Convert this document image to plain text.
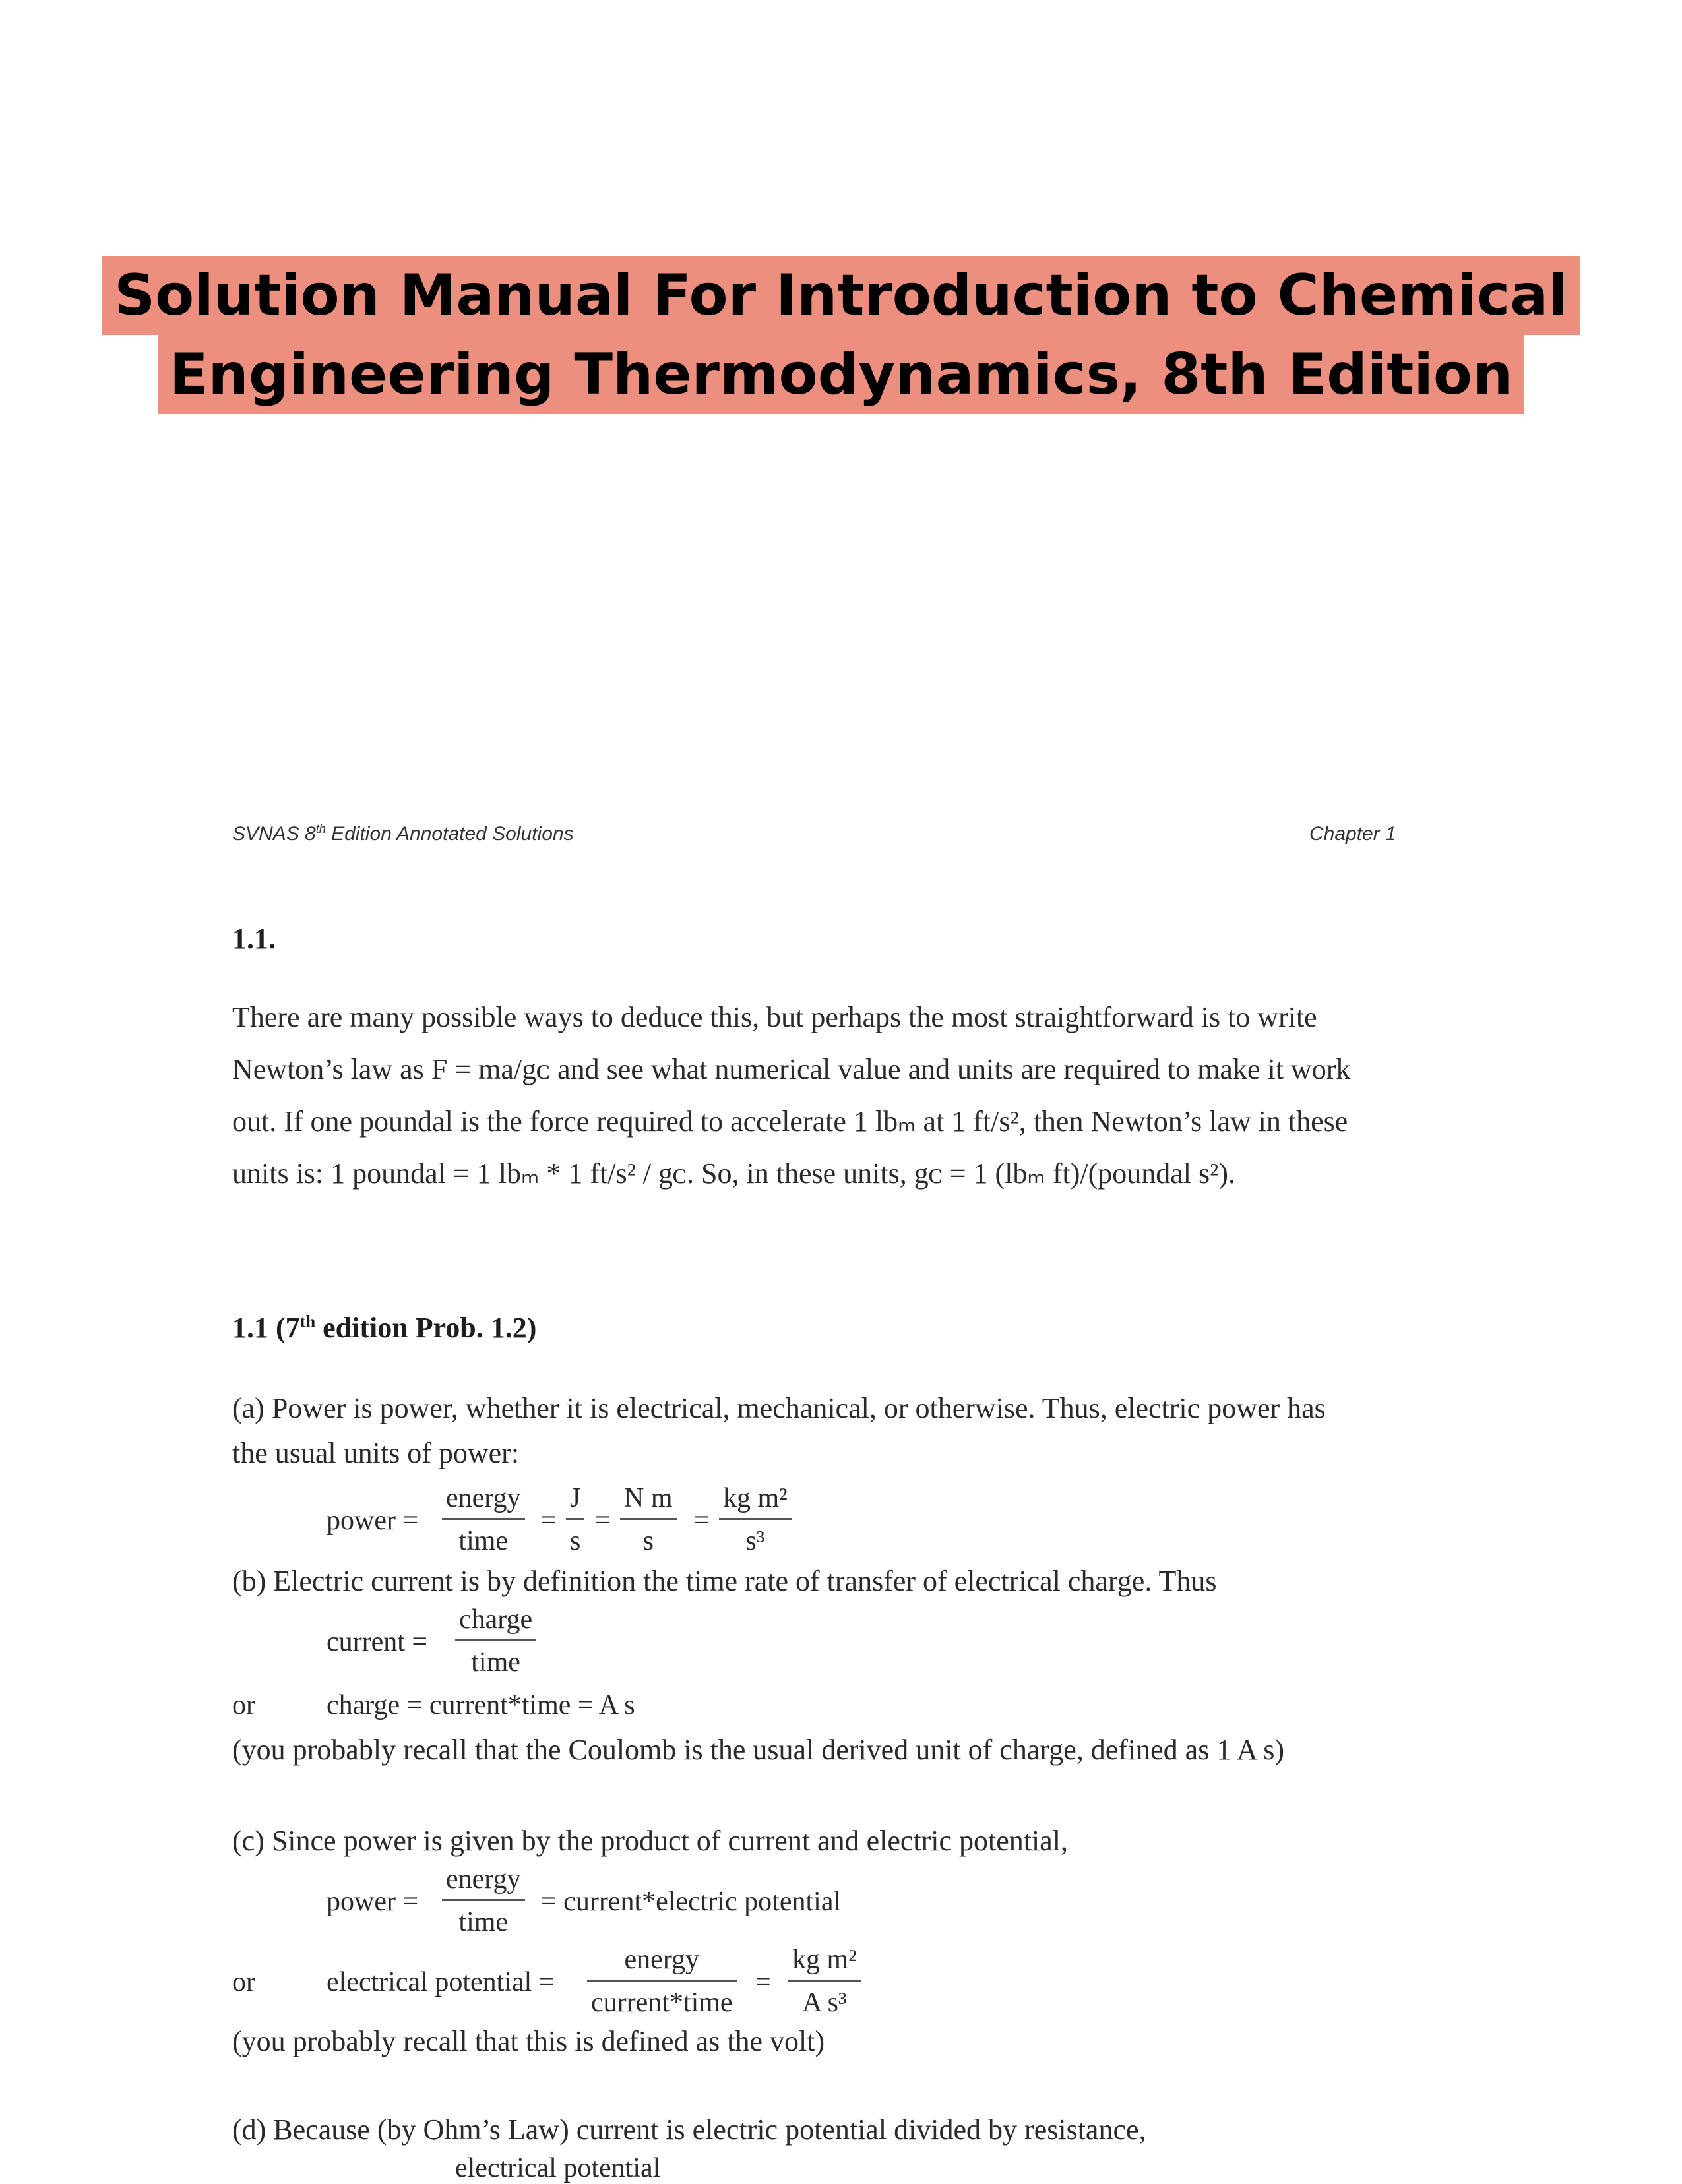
Solution Manual For Introduction to Chemical
Engineering Thermodynamics, 8th Edition
SVNAS 8th Edition Annotated Solutions	Chapter 1
1.1.
There are many possible ways to deduce this, but perhaps the most straightforward is to write
Newton’s law as F = ma/gᴄ and see what numerical value and units are required to make it work
out. If one poundal is the force required to accelerate 1 lbₘ at 1 ft/s², then Newton’s law in these
units is: 1 poundal = 1 lbₘ * 1 ft/s² / gᴄ. So, in these units, gᴄ = 1 (lbₘ ft)/(poundal s²).
1.1 (7th edition Prob. 1.2)
(a) Power is power, whether it is electrical, mechanical, or otherwise. Thus, electric power has
the usual units of power:
power =
energy
time
=
J
s
=
N m
s
=
kg m²
s³
(b) Electric current is by definition the time rate of transfer of electrical charge. Thus
current =
charge
time
or	charge = current*time = A s
(you probably recall that the Coulomb is the usual derived unit of charge, defined as 1 A s)
(c) Since power is given by the product of current and electric potential,
power =
energy
time
= current*electric potential
or	electrical potential =
energy
current*time
=
kg m²
A s³
(you probably recall that this is defined as the volt)
(d) Because (by Ohm’s Law) current is electric potential divided by resistance,
electrical potential
